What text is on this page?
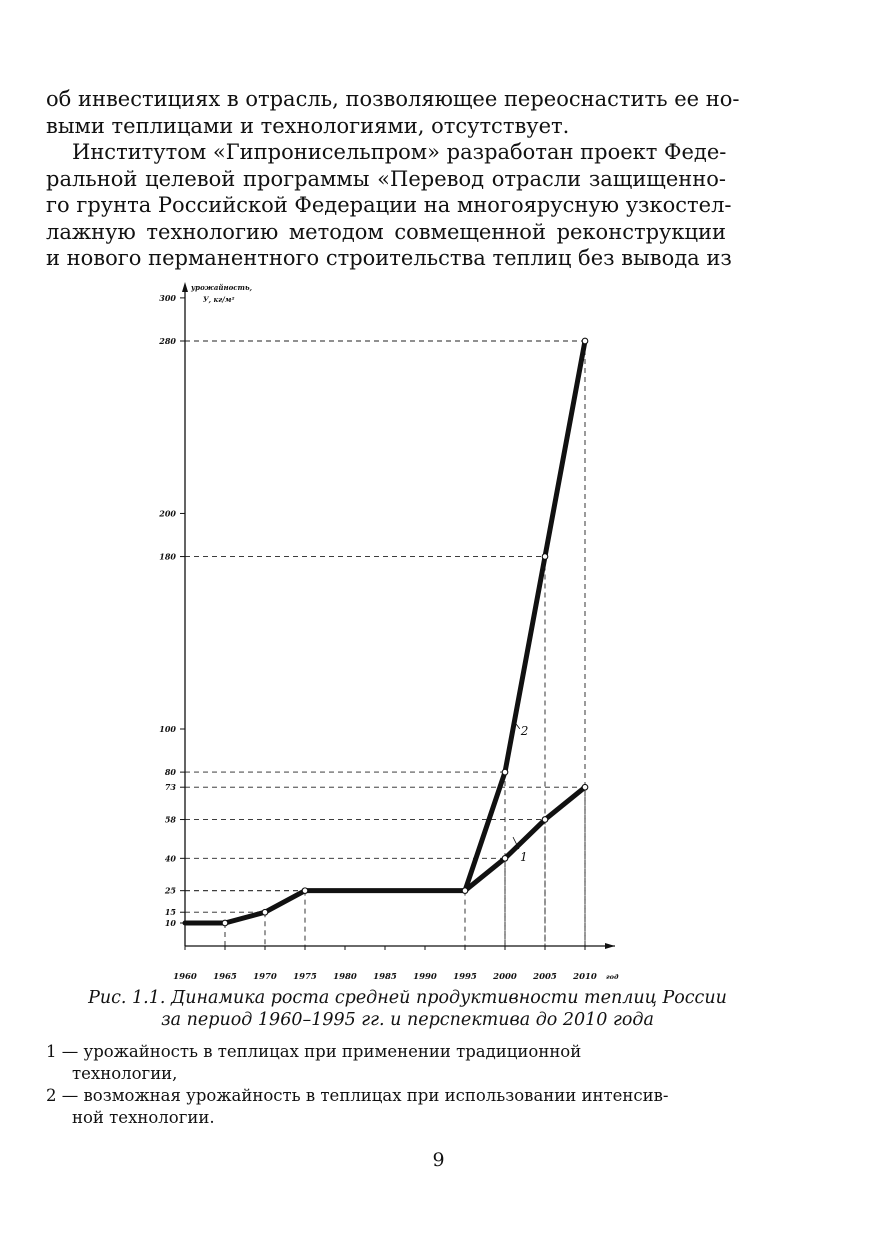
об инвестициях в отрасль, позволяющее переоснастить ее но-
выми теплицами и технологиями, отсутствует.
Институтом «Гипронисельпром» разработан проект Феде-
ральной целевой программы «Перевод отрасли защищенно-
го грунта Российской Федерации на многоярусную узкостел-
лажную технологию методом совмещенной реконструкции
и нового перманентного строительства теплиц без вывода из
10
15
25
40
58
73
80
100
180
200
280
300
1960 1965 1970 1975 1980 1985 1990 1995 2000 2005 2010 год
урожайность,
У, кг/м²
1
2
Рис. 1.1. Динамика роста средней продуктивности теплиц России
за период 1960–1995 гг. и перспектива до 2010 года
1 — урожайность в теплицах при применении традиционной
технологии,
2 — возможная урожайность в теплицах при использовании интенсив-
ной технологии.
9
